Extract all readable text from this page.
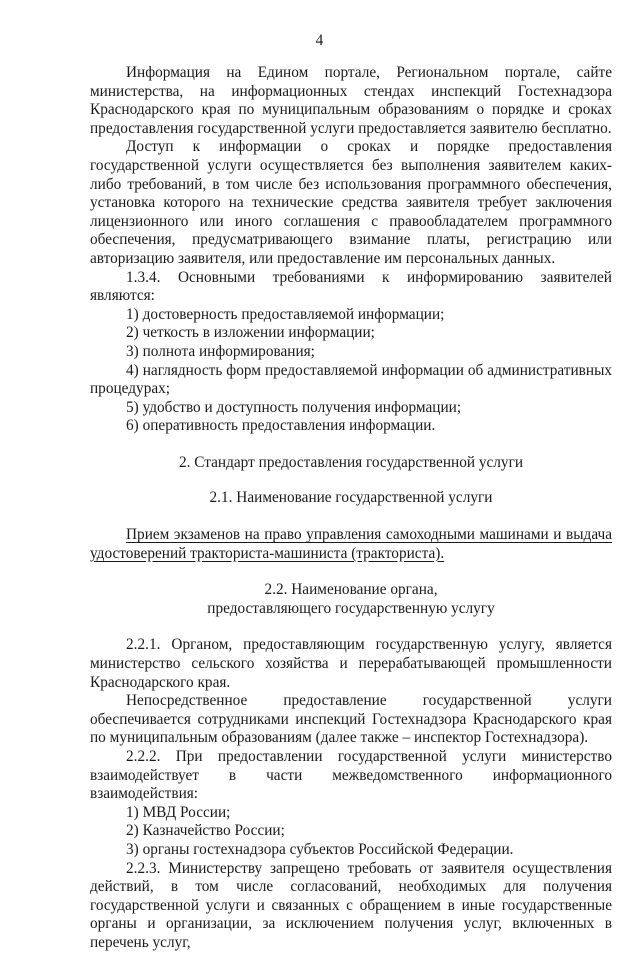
4

Информация на Едином портале, Региональном портале, сайте министерства, на информационных стендах инспекций Гостехнадзора Краснодарского края по муниципальным образованиям о порядке и сроках предоставления государственной услуги предоставляется заявителю бесплатно.

Доступ к информации о сроках и порядке предоставления государственной услуги осуществляется без выполнения заявителем каких-либо требований, в том числе без использования программного обеспечения, установка которого на технические средства заявителя требует заключения лицензионного или иного соглашения с правообладателем программного обеспечения, предусматривающего взимание платы, регистрацию или авторизацию заявителя, или предоставление им персональных данных.

1.3.4. Основными требованиями к информированию заявителей являются:

1) достоверность предоставляемой информации;

2) четкость в изложении информации;

3) полнота информирования;

4) наглядность форм предоставляемой информации об административных процедурах;

5) удобство и доступность получения информации;

6) оперативность предоставления информации.

2. Стандарт предоставления государственной услуги

2.1. Наименование государственной услуги

Прием экзаменов на право управления самоходными машинами и выдача удостоверений тракториста-машиниста (тракториста).

2.2. Наименование органа,

предоставляющего государственную услугу

2.2.1. Органом, предоставляющим государственную услугу, является министерство сельского хозяйства и перерабатывающей промышленности Краснодарского края.

Непосредственное предоставление государственной услуги обеспечивается сотрудниками инспекций Гостехнадзора Краснодарского края по муниципальным образованиям (далее также – инспектор Гостехнадзора).

2.2.2. При предоставлении государственной услуги министерство взаимодействует в части межведомственного информационного взаимодействия:

1) МВД России;

2) Казначейство России;

3) органы гостехнадзора субъектов Российской Федерации.

2.2.3. Министерству запрещено требовать от заявителя осуществления действий, в том числе согласований, необходимых для получения государственной услуги и связанных с обращением в иные государственные органы и организации, за исключением получения услуг, включенных в перечень услуг,
